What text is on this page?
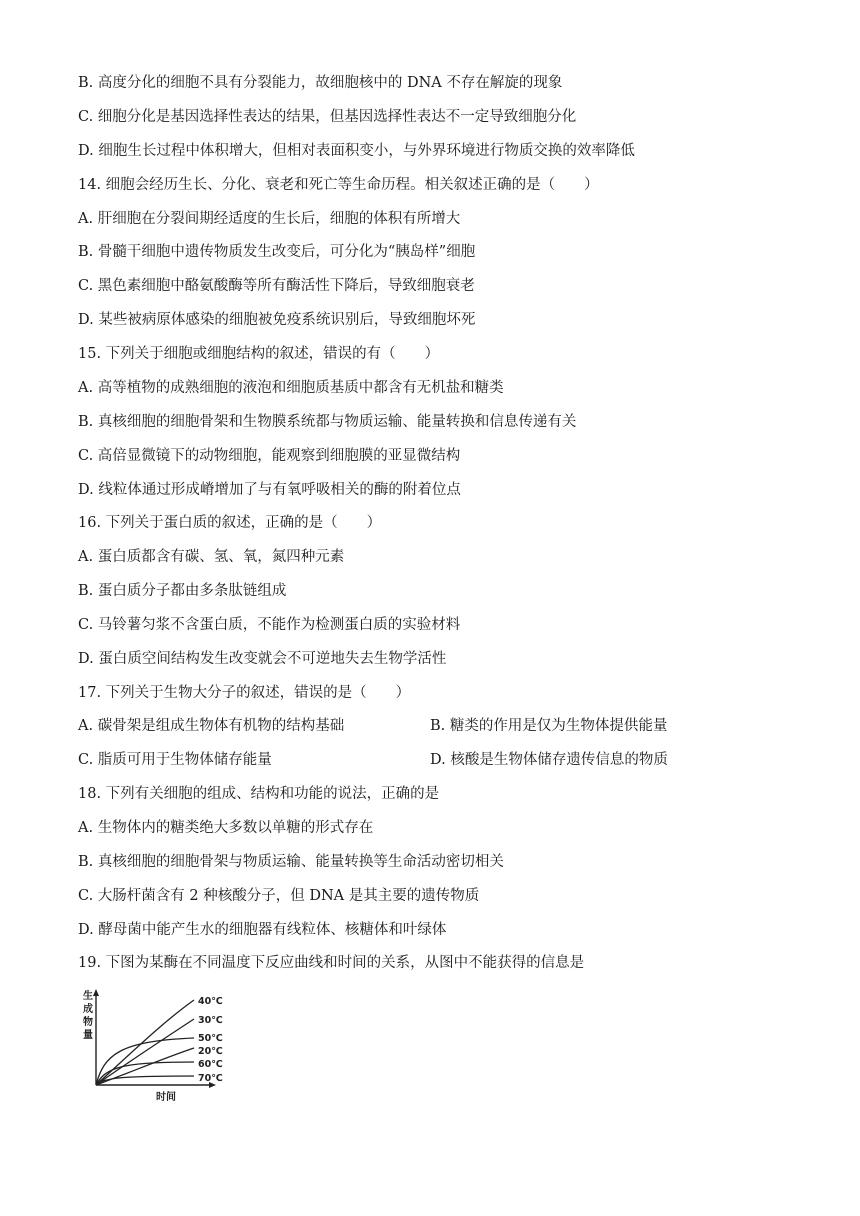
B. 高度分化的细胞不具有分裂能力，故细胞核中的 DNA 不存在解旋的现象
C. 细胞分化是基因选择性表达的结果，但基因选择性表达不一定导致细胞分化
D. 细胞生长过程中体积增大，但相对表面积变小，与外界环境进行物质交换的效率降低
14. 细胞会经历生长、分化、衰老和死亡等生命历程。相关叙述正确的是（　　）
A. 肝细胞在分裂间期经适度的生长后，细胞的体积有所增大
B. 骨髓干细胞中遗传物质发生改变后，可分化为“胰岛样”细胞
C. 黑色素细胞中酪氨酸酶等所有酶活性下降后，导致细胞衰老
D. 某些被病原体感染的细胞被免疫系统识别后，导致细胞坏死
15. 下列关于细胞或细胞结构的叙述，错误的有（　　）
A. 高等植物的成熟细胞的液泡和细胞质基质中都含有无机盐和糖类
B. 真核细胞的细胞骨架和生物膜系统都与物质运输、能量转换和信息传递有关
C. 高倍显微镜下的动物细胞，能观察到细胞膜的亚显微结构
D. 线粒体通过形成嵴增加了与有氧呼吸相关的酶的附着位点
16. 下列关于蛋白质的叙述，正确的是（　　）
A. 蛋白质都含有碳、氢、氧，氮四种元素
B. 蛋白质分子都由多条肽链组成
C. 马铃薯匀浆不含蛋白质，不能作为检测蛋白质的实验材料
D. 蛋白质空间结构发生改变就会不可逆地失去生物学活性
17. 下列关于生物大分子的叙述，错误的是（　　）
A. 碳骨架是组成生物体有机物的结构基础	B. 糖类的作用是仅为生物体提供能量
C. 脂质可用于生物体储存能量	D. 核酸是生物体储存遗传信息的物质
18. 下列有关细胞的组成、结构和功能的说法，正确的是
A. 生物体内的糖类绝大多数以单糖的形式存在
B. 真核细胞的细胞骨架与物质运输、能量转换等生命活动密切相关
C. 大肠杆菌含有 2 种核酸分子，但 DNA 是其主要的遗传物质
D. 酵母菌中能产生水的细胞器有线粒体、核糖体和叶绿体
19. 下图为某酶在不同温度下反应曲线和时间的关系，从图中不能获得的信息是
生
成
物
量
40℃
30℃
50℃
20℃
60℃
70℃
时间
